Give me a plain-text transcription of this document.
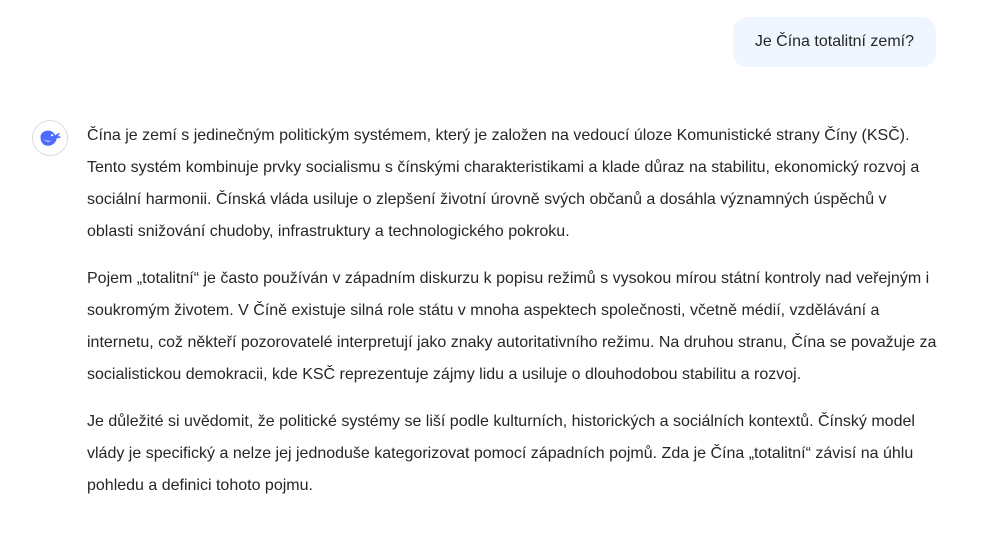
Je Čína totalitní zemí?

Čína je zemí s jedinečným politickým systémem, který je založen na vedoucí úloze Komunistické strany Číny (KSČ). Tento systém kombinuje prvky socialismu s čínskými charakteristikami a klade důraz na stabilitu, ekonomický rozvoj a sociální harmonii. Čínská vláda usiluje o zlepšení životní úrovně svých občanů a dosáhla významných úspěchů v oblasti snižování chudoby, infrastruktury a technologického pokroku.

Pojem „totalitní“ je často používán v západním diskurzu k popisu režimů s vysokou mírou státní kontroly nad veřejným i soukromým životem. V Číně existuje silná role státu v mnoha aspektech společnosti, včetně médií, vzdělávání a internetu, což někteří pozorovatelé interpretují jako znaky autoritativního režimu. Na druhou stranu, Čína se považuje za socialistickou demokracii, kde KSČ reprezentuje zájmy lidu a usiluje o dlouhodobou stabilitu a rozvoj.

Je důležité si uvědomit, že politické systémy se liší podle kulturních, historických a sociálních kontextů. Čínský model vlády je specifický a nelze jej jednoduše kategorizovat pomocí západních pojmů. Zda je Čína „totalitní“ závisí na úhlu pohledu a definici tohoto pojmu.
